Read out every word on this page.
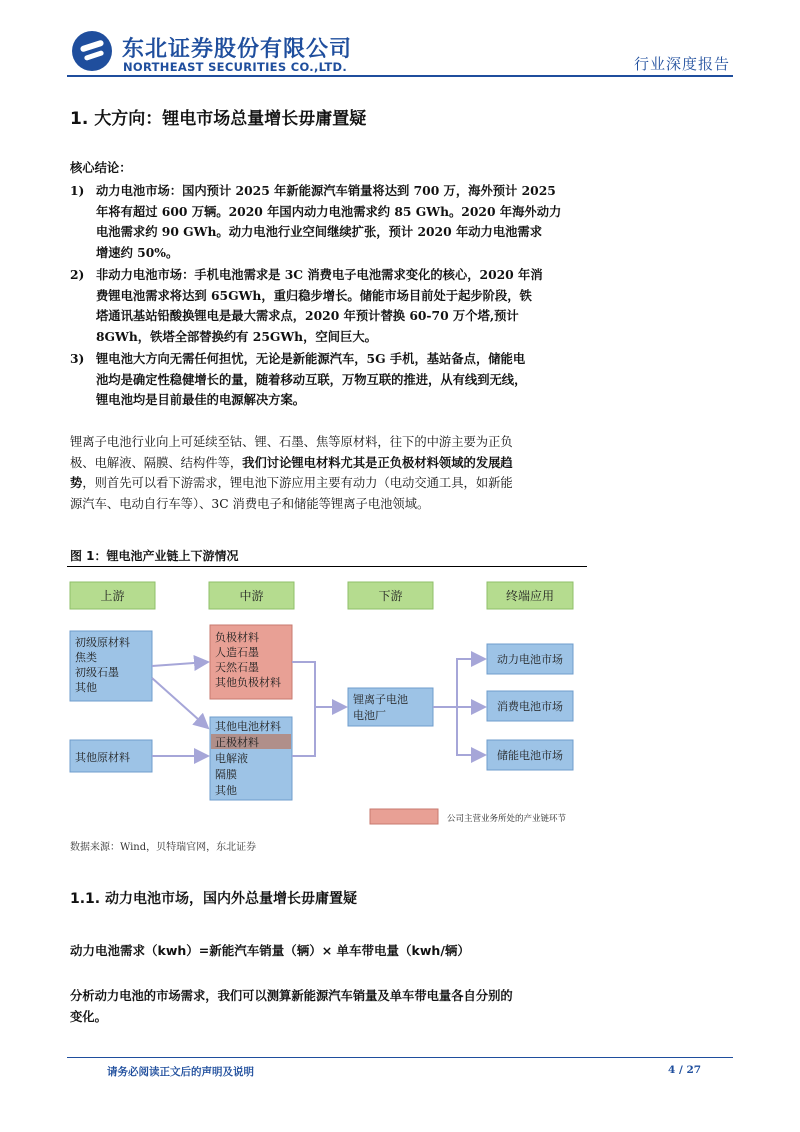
东北证券股份有限公司
NORTHEAST SECURITIES CO.,LTD.	行业深度报告
1. 大方向：锂电市场总量增长毋庸置疑
核心结论：
1) 动力电池市场：国内预计 2025 年新能源汽车销量将达到 700 万，海外预计 2025
年将有超过 600 万辆。2020 年国内动力电池需求约 85 GWh。2020 年海外动力
电池需求约 90 GWh。动力电池行业空间继续扩张，预计 2020 年动力电池需求
增速约 50%。
2) 非动力电池市场：手机电池需求是 3C 消费电子电池需求变化的核心，2020 年消
费锂电池需求将达到 65GWh，重归稳步增长。储能市场目前处于起步阶段，铁
塔通讯基站铅酸换锂电是最大需求点，2020 年预计替换 60-70 万个塔,预计
8GWh，铁塔全部替换约有 25GWh，空间巨大。
3) 锂电池大方向无需任何担忧，无论是新能源汽车，5G 手机，基站备点，储能电
池均是确定性稳健增长的量，随着移动互联，万物互联的推进，从有线到无线，
锂电池均是目前最佳的电源解决方案。
锂离子电池行业向上可延续至钴、锂、石墨、焦等原材料，往下的中游主要为正负
极、电解液、隔膜、结构件等，我们讨论锂电材料尤其是正负极材料领域的发展趋
势，则首先可以看下游需求，锂电池下游应用主要有动力（电动交通工具，如新能
源汽车、电动自行车等）、3C 消费电子和储能等锂离子电池领域。
图 1：锂电池产业链上下游情况
上游	中游	下游	终端应用
初级原材料
焦类
初级石墨
其他
其他原材料
负极材料
人造石墨
天然石墨
其他负极材料
其他电池材料
正极材料
电解液
隔膜
其他
锂离子电池
电池厂
动力电池市场
消费电池市场
储能电池市场
公司主营业务所处的产业链环节
数据来源：Wind，贝特瑞官网，东北证券
1.1. 动力电池市场，国内外总量增长毋庸置疑
动力电池需求（kwh）=新能汽车销量（辆）× 单车带电量（kwh/辆）
分析动力电池的市场需求，我们可以测算新能源汽车销量及单车带电量各自分别的
变化。
请务必阅读正文后的声明及说明	4 / 27
